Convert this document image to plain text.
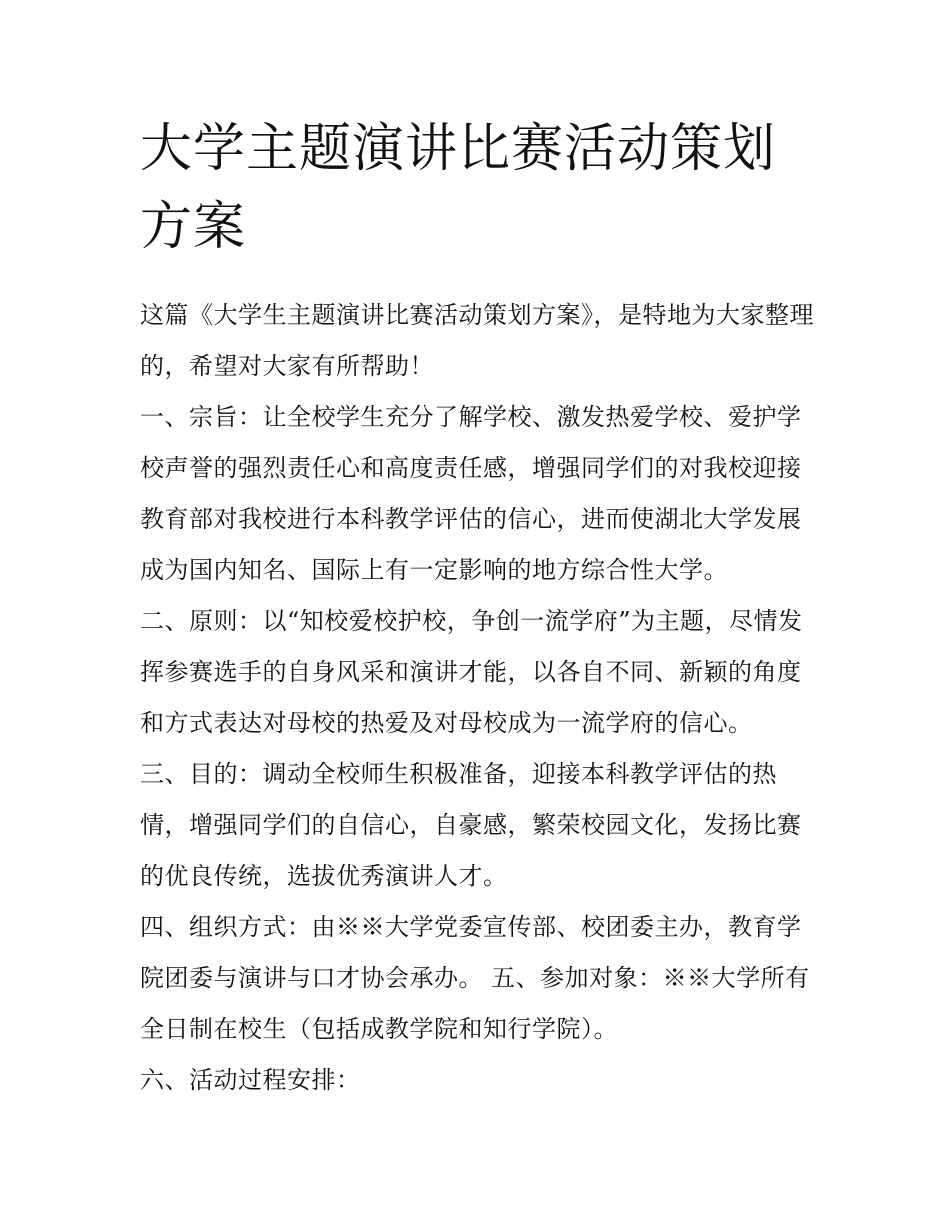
大学主题演讲比赛活动策划方案

这篇《大学生主题演讲比赛活动策划方案》，是特地为大家整理的，希望对大家有所帮助！

一、宗旨：让全校学生充分了解学校、激发热爱学校、爱护学校声誉的强烈责任心和高度责任感，增强同学们的对我校迎接教育部对我校进行本科教学评估的信心，进而使湖北大学发展成为国内知名、国际上有一定影响的地方综合性大学。

二、原则：以“知校爱校护校，争创一流学府”为主题，尽情发挥参赛选手的自身风采和演讲才能，以各自不同、新颖的角度和方式表达对母校的热爱及对母校成为一流学府的信心。

三、目的：调动全校师生积极准备，迎接本科教学评估的热情，增强同学们的自信心，自豪感，繁荣校园文化，发扬比赛的优良传统，选拔优秀演讲人才。

四、组织方式：由※※大学党委宣传部、校团委主办，教育学院团委与演讲与口才协会承办。 五、参加对象：※※大学所有全日制在校生（包括成教学院和知行学院）。

六、活动过程安排：
